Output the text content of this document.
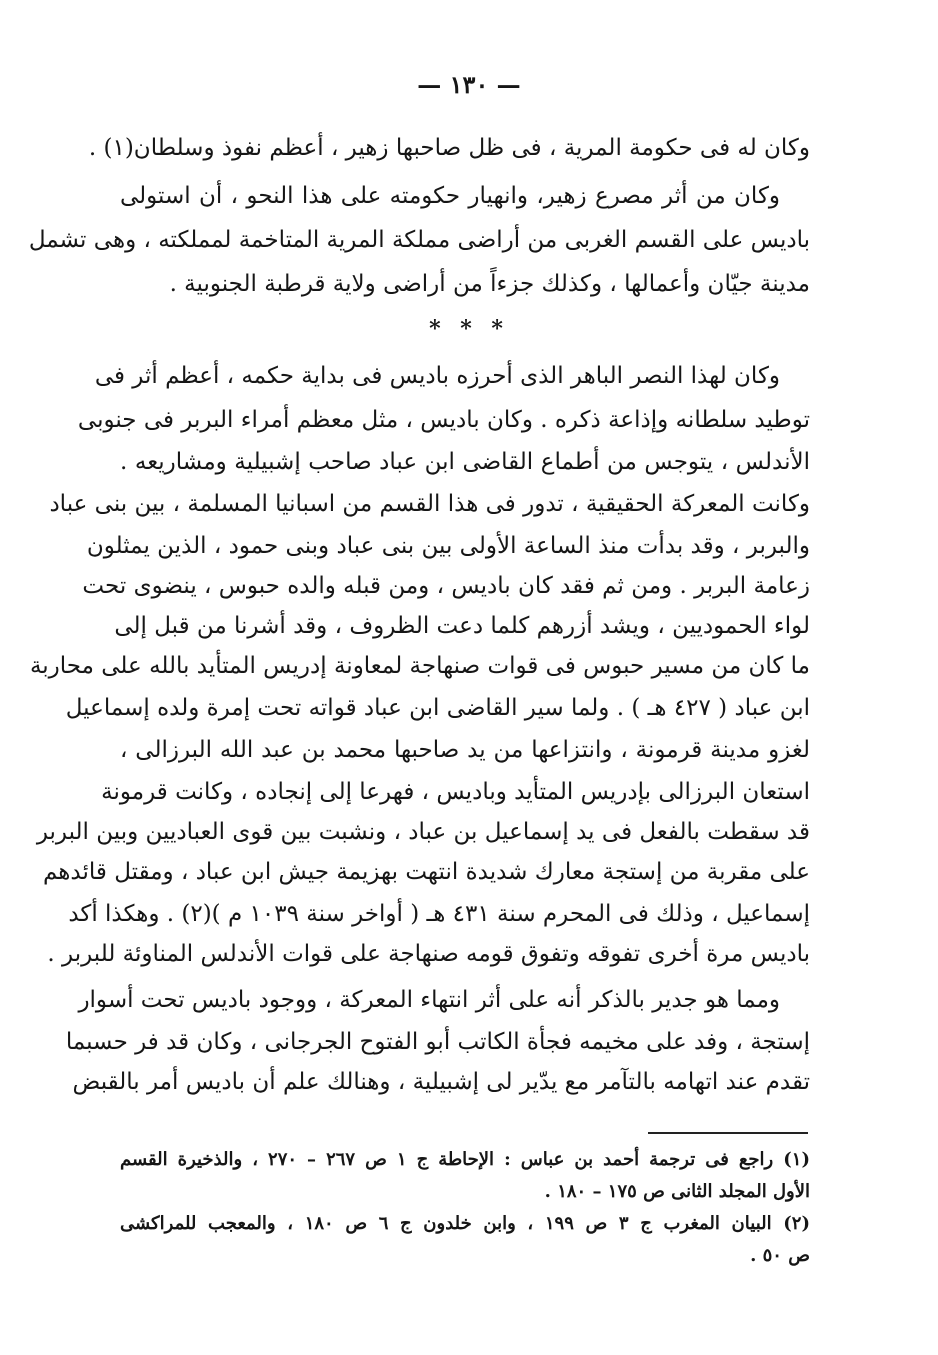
— ١٣٠ —
وكان له فى حكومة المرية ، فى ظل صاحبها زهير ، أعظم نفوذ وسلطان(١) .
وكان من أثر مصرع زهير، وانهيار حكومته على هذا النحو ، أن استولى
باديس على القسم الغربى من أراضى مملكة المرية المتاخمة لمملكته ، وهى تشمل
مدينة جيّان وأعمالها ، وكذلك جزءاً من أراضى ولاية قرطبة الجنوبية .
* * *
وكان لهذا النصر الباهر الذى أحرزه باديس فى بداية حكمه ، أعظم أثر فى
توطيد سلطانه وإذاعة ذكره . وكان باديس ، مثل معظم أمراء البربر فى جنوبى
الأندلس ، يتوجس من أطماع القاضى ابن عباد صاحب إشبيلية ومشاريعه .
وكانت المعركة الحقيقية ، تدور فى هذا القسم من اسبانيا المسلمة ، بين بنى عباد
والبربر ، وقد بدأت منذ الساعة الأولى بين بنى عباد وبنى حمود ، الذين يمثلون
زعامة البربر . ومن ثم فقد كان باديس ، ومن قبله والده حبوس ، ينضوى تحت
لواء الحموديين ، ويشد أزرهم كلما دعت الظروف ، وقد أشرنا من قبل إلى
ما كان من مسير حبوس فى قوات صنهاجة لمعاونة إدريس المتأيد بالله على محاربة
ابن عباد ( ٤٢٧ هـ ) . ولما سير القاضى ابن عباد قواته تحت إمرة ولده إسماعيل
لغزو مدينة قرمونة ، وانتزاعها من يد صاحبها محمد بن عبد الله البرزالى ،
استعان البرزالى بإدريس المتأيد وباديس ، فهرعا إلى إنجاده ، وكانت قرمونة
قد سقطت بالفعل فى يد إسماعيل بن عباد ، ونشبت بين قوى العباديين وبين البربر
على مقربة من إستجة معارك شديدة انتهت بهزيمة جيش ابن عباد ، ومقتل قائدهم
إسماعيل ، وذلك فى المحرم سنة ٤٣١ هـ ( أواخر سنة ١٠٣٩ م )(٢) . وهكذا أكد
باديس مرة أخرى تفوقه وتفوق قومه صنهاجة على قوات الأندلس المناوئة للبربر .
ومما هو جدير بالذكر أنه على أثر انتهاء المعركة ، ووجود باديس تحت أسوار
إستجة ، وفد على مخيمه فجأة الكاتب أبو الفتوح الجرجانى ، وكان قد فر حسبما
تقدم عند اتهامه بالتآمر مع يدّير لى إشبيلية ، وهنالك علم أن باديس أمر بالقبض
(١) راجع فى ترجمة أحمد بن عباس : الإحاطة ج ١ ص ٢٦٧ – ٢٧٠ ، والذخيرة القسم
الأول المجلد الثانى ص ١٧٥ – ١٨٠ .
(٢) البيان المغرب ج ٣ ص ١٩٩ ، وابن خلدون ج ٦ ص ١٨٠ ، والمعجب للمراكشى
ص ٥٠ .
